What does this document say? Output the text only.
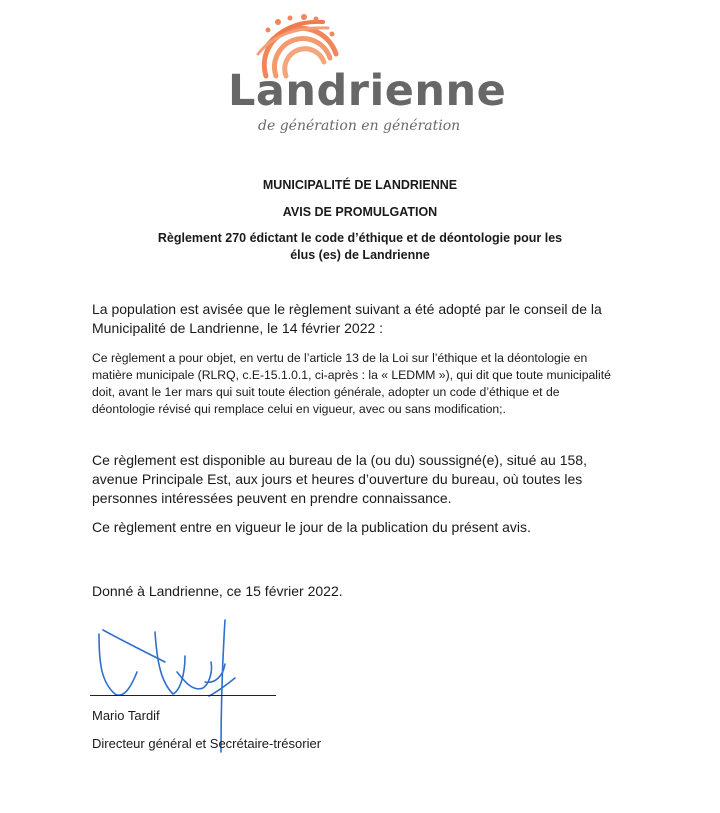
Landrienne
de génération en génération
MUNICIPALITÉ DE LANDRIENNE
AVIS DE PROMULGATION
Règlement 270 édictant le code d’éthique et de déontologie pour les
élus (es) de Landrienne
La population est avisée que le règlement suivant a été adopté par le conseil de la Municipalité de Landrienne, le 14 février 2022 :
Ce règlement a pour objet, en vertu de l’article 13 de la Loi sur l’éthique et la déontologie en matière municipale (RLRQ, c.E-15.1.0.1, ci-après : la « LEDMM »), qui dit que toute municipalité doit, avant le 1er mars qui suit toute élection générale, adopter un code d’éthique et de déontologie révisé qui remplace celui en vigueur, avec ou sans modification;.
Ce règlement est disponible au bureau de la (ou du) soussigné(e), situé au 158, avenue Principale Est, aux jours et heures d’ouverture du bureau, où toutes les personnes intéressées peuvent en prendre connaissance.
Ce règlement entre en vigueur le jour de la publication du présent avis.
Donné à Landrienne, ce 15 février 2022.
Mario Tardif
Directeur général et Secrétaire-trésorier
